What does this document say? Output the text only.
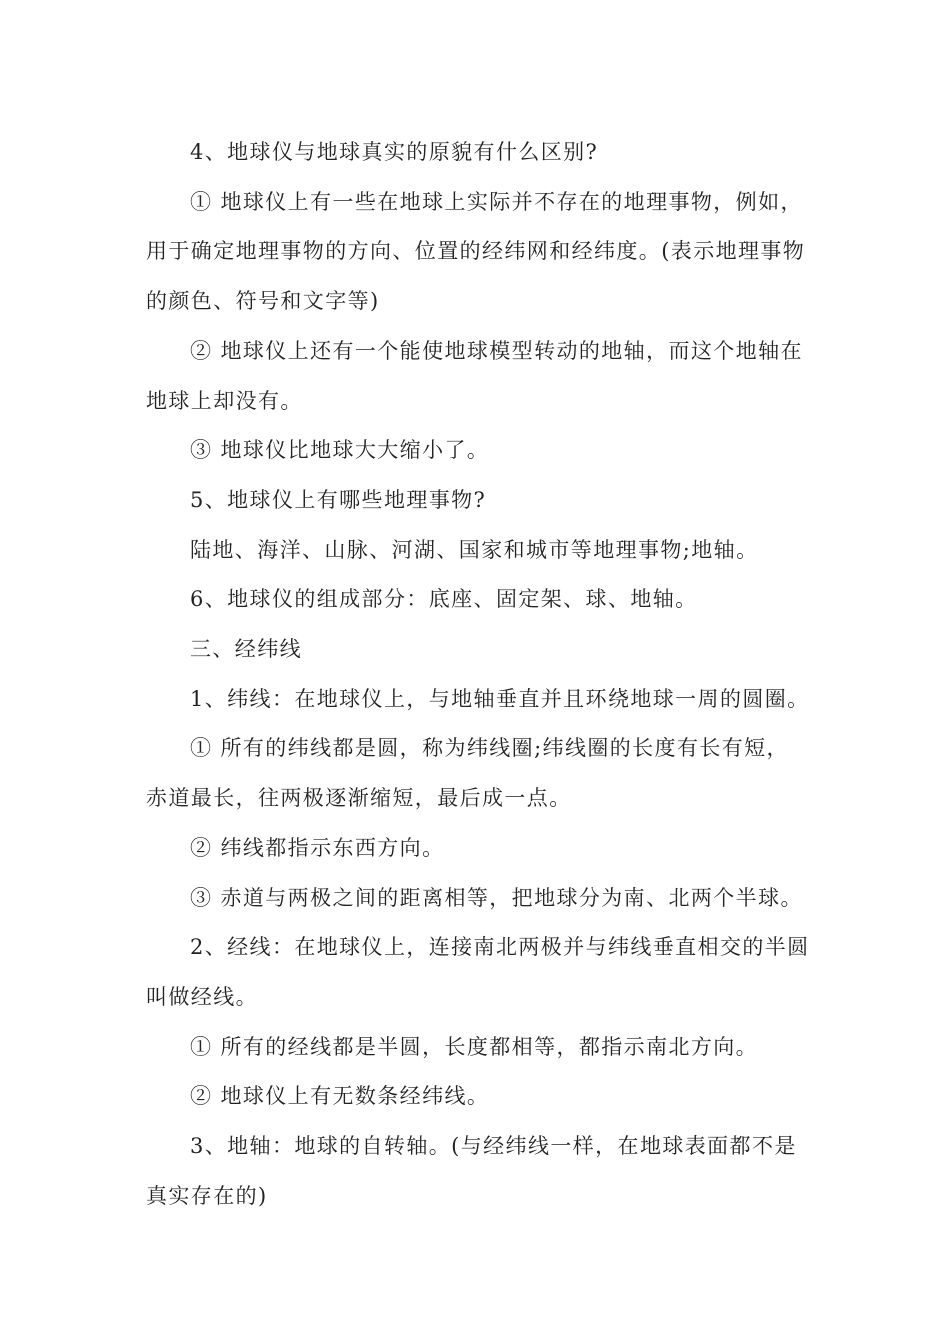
4、地球仪与地球真实的原貌有什么区别?

① 地球仪上有一些在地球上实际并不存在的地理事物，例如，用于确定地理事物的方向、位置的经纬网和经纬度。(表示地理事物的颜色、符号和文字等)

② 地球仪上还有一个能使地球模型转动的地轴，而这个地轴在地球上却没有。

③ 地球仪比地球大大缩小了。

5、地球仪上有哪些地理事物?

陆地、海洋、山脉、河湖、国家和城市等地理事物;地轴。

6、地球仪的组成部分：底座、固定架、球、地轴。

三、经纬线

1、纬线：在地球仪上，与地轴垂直并且环绕地球一周的圆圈。

① 所有的纬线都是圆，称为纬线圈;纬线圈的长度有长有短，赤道最长，往两极逐渐缩短，最后成一点。

② 纬线都指示东西方向。

③ 赤道与两极之间的距离相等，把地球分为南、北两个半球。

2、经线：在地球仪上，连接南北两极并与纬线垂直相交的半圆叫做经线。

① 所有的经线都是半圆，长度都相等，都指示南北方向。

② 地球仪上有无数条经纬线。

3、地轴：地球的自转轴。(与经纬线一样，在地球表面都不是真实存在的)
